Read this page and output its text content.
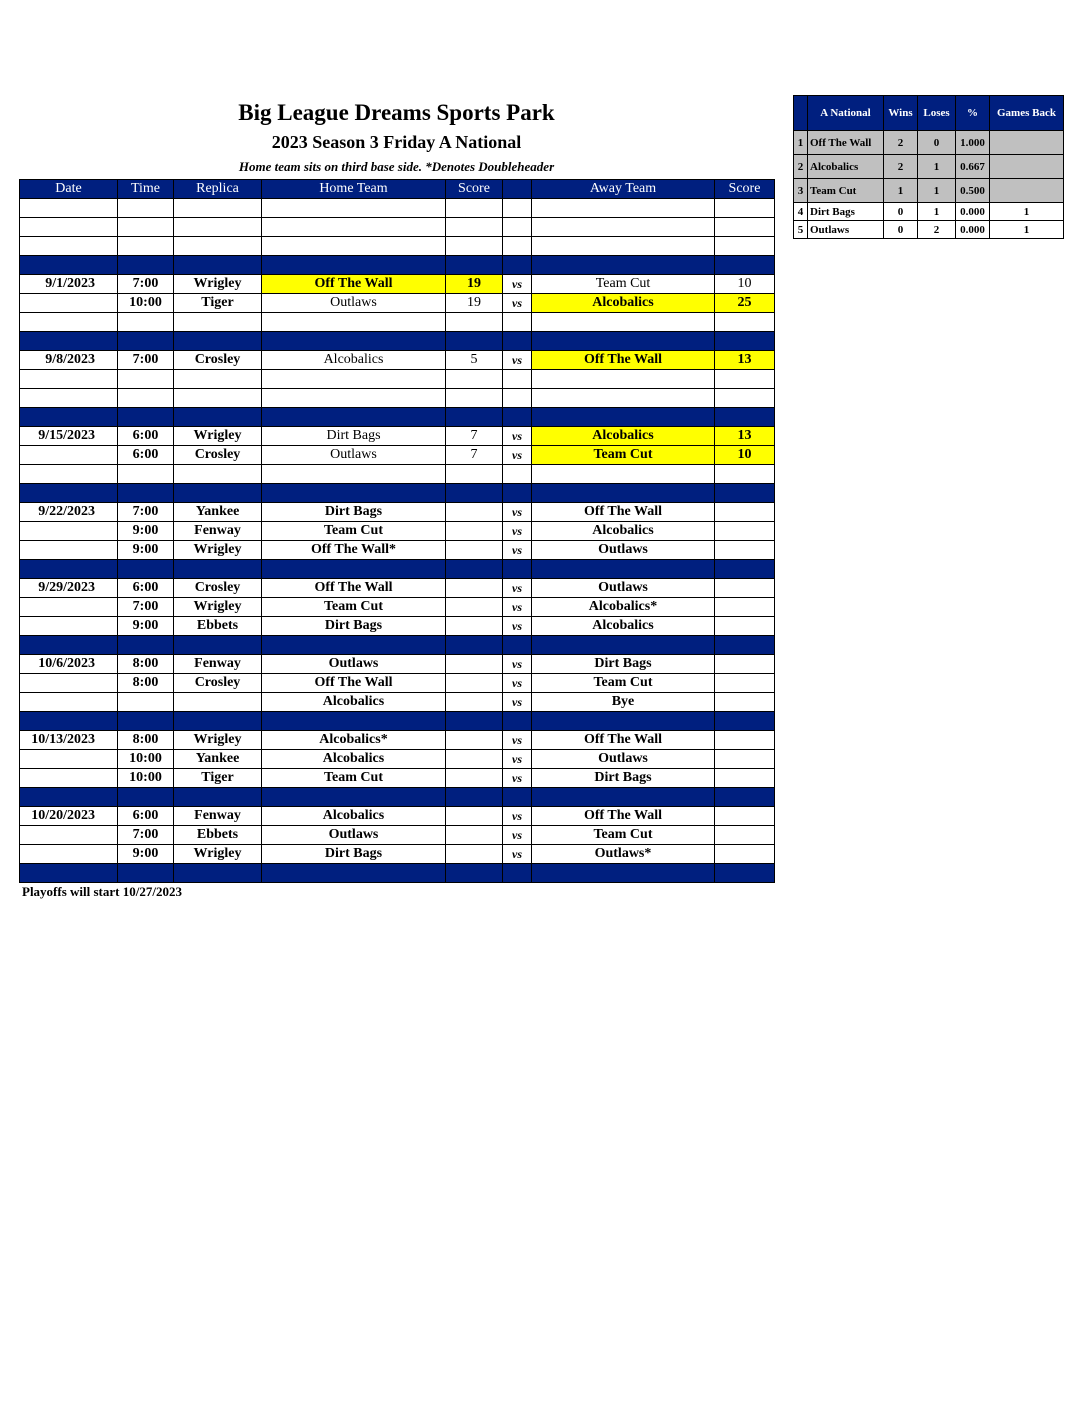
Big League Dreams Sports Park
2023 Season 3 Friday A National
Home team sits on third base side. *Denotes Doubleheader
Date	Time	Replica	Home Team	Score		Away Team	Score

9/1/2023	7:00	Wrigley	Off The Wall	19	vs	Team Cut	10
	10:00	Tiger	Outlaws	19	vs	Alcobalics	25

9/8/2023	7:00	Crosley	Alcobalics	5	vs	Off The Wall	13

9/15/2023	6:00	Wrigley	Dirt Bags	7	vs	Alcobalics	13
	6:00	Crosley	Outlaws	7	vs	Team Cut	10

9/22/2023	7:00	Yankee	Dirt Bags		vs	Off The Wall	
	9:00	Fenway	Team Cut		vs	Alcobalics	
	9:00	Wrigley	Off The Wall*		vs	Outlaws	

9/29/2023	6:00	Crosley	Off The Wall		vs	Outlaws	
	7:00	Wrigley	Team Cut		vs	Alcobalics*	
	9:00	Ebbets	Dirt Bags		vs	Alcobalics	

10/6/2023	8:00	Fenway	Outlaws		vs	Dirt Bags	
	8:00	Crosley	Off The Wall		vs	Team Cut	
			Alcobalics		vs	Bye	

10/13/2023	8:00	Wrigley	Alcobalics*		vs	Off The Wall	
	10:00	Yankee	Alcobalics		vs	Outlaws	
	10:00	Tiger	Team Cut		vs	Dirt Bags	

10/20/2023	6:00	Fenway	Alcobalics		vs	Off The Wall	
	7:00	Ebbets	Outlaws		vs	Team Cut	
	9:00	Wrigley	Dirt Bags		vs	Outlaws*	

Playoffs will start 10/27/2023
	A National	Wins	Loses	%	Games Back
1	Off The Wall	2	0	1.000	
2	Alcobalics	2	1	0.667	
3	Team Cut	1	1	0.500	
4	Dirt Bags	0	1	0.000	1
5	Outlaws	0	2	0.000	1
